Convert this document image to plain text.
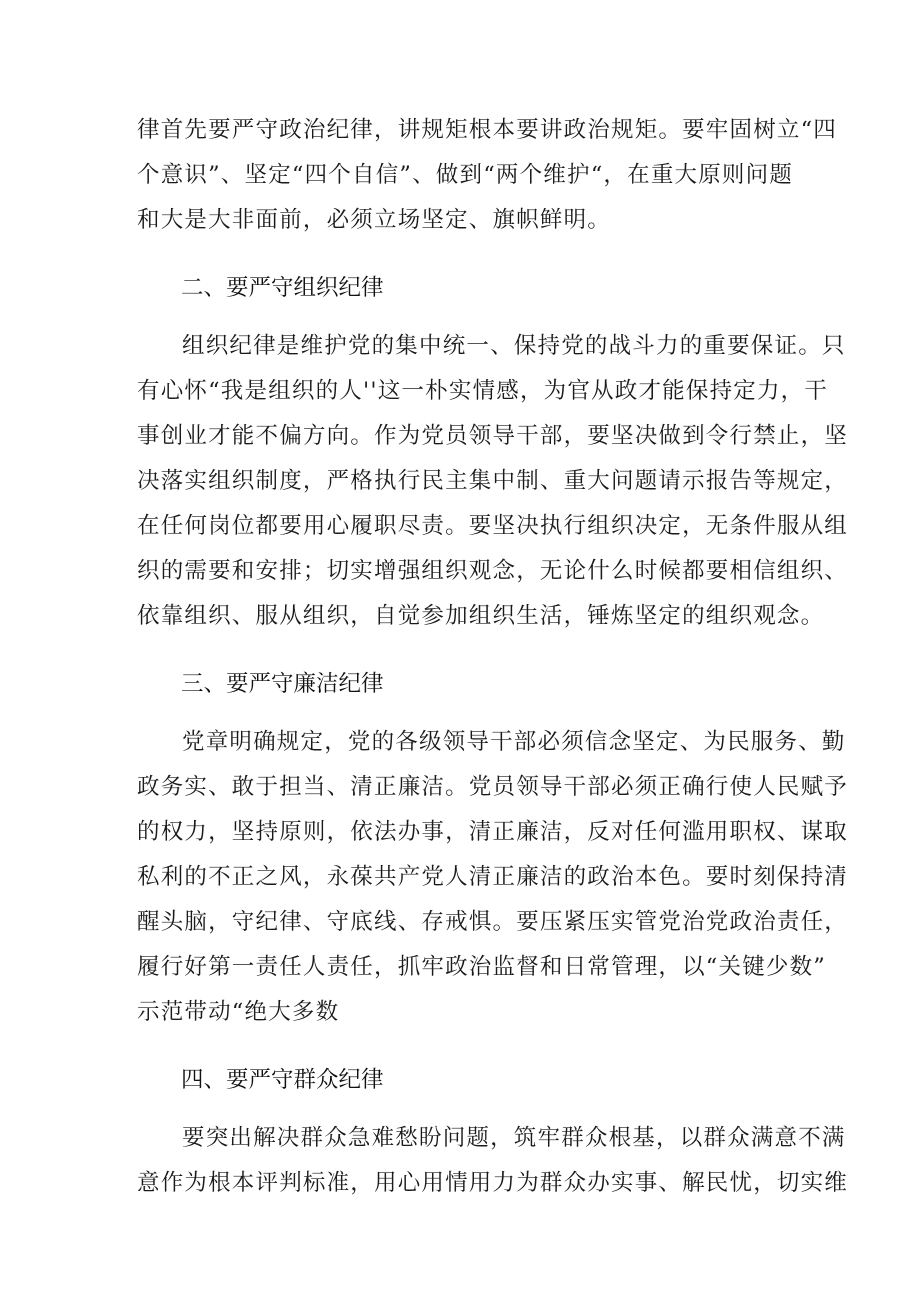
律首先要严守政治纪律，讲规矩根本要讲政治规矩。要牢固树立“四
个意识”、坚定“四个自信”、做到“两个维护“，在重大原则问题
和大是大非面前，必须立场坚定、旗帜鲜明。
二、要严守组织纪律
组织纪律是维护党的集中统一、保持党的战斗力的重要保证。只
有心怀“我是组织的人''这一朴实情感，为官从政才能保持定力，干
事创业才能不偏方向。作为党员领导干部，要坚决做到令行禁止，坚
决落实组织制度，严格执行民主集中制、重大问题请示报告等规定，
在任何岗位都要用心履职尽责。要坚决执行组织决定，无条件服从组
织的需要和安排；切实增强组织观念，无论什么时候都要相信组织、
依靠组织、服从组织，自觉参加组织生活，锤炼坚定的组织观念。
三、要严守廉洁纪律
党章明确规定，党的各级领导干部必须信念坚定、为民服务、勤
政务实、敢于担当、清正廉洁。党员领导干部必须正确行使人民赋予
的权力，坚持原则，依法办事，清正廉洁，反对任何滥用职权、谋取
私利的不正之风，永葆共产党人清正廉洁的政治本色。要时刻保持清
醒头脑，守纪律、守底线、存戒惧。要压紧压实管党治党政治责任，
履行好第一责任人责任，抓牢政治监督和日常管理，以“关键少数”
示范带动“绝大多数
四、要严守群众纪律
要突出解决群众急难愁盼问题，筑牢群众根基，以群众满意不满
意作为根本评判标准，用心用情用力为群众办实事、解民忧，切实维
